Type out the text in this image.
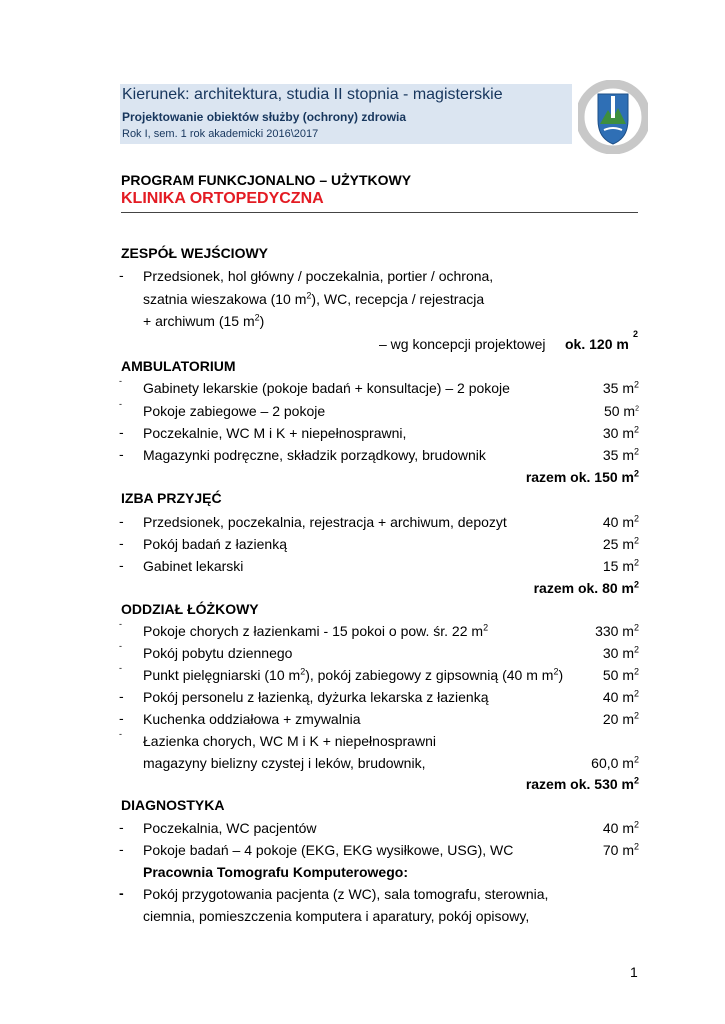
Kierunek: architektura, studia II stopnia - magisterskie
Projektowanie obiektów służby (ochrony) zdrowia
Rok I, sem. 1 rok akademicki 2016\2017
PROGRAM FUNKCJONALNO – UŻYTKOWY
KLINIKA ORTOPEDYCZNA
ZESPÓŁ WEJŚCIOWY
- Przedsionek, hol główny / poczekalnia, portier / ochrona,
szatnia wieszakowa (10 $m^2$), WC, recepcja / rejestracja
+ archiwum (15 $m^2$)
– wg koncepcji projektowej ok. 120 m
2
AMBULATORIUM
- Gabinety lekarskie (pokoje badań + konsultacje) – 2 pokoje	35 $m^2$
- Pokoje zabiegowe – 2 pokoje	50 $m^2$
- Poczekalnie, WC M i K + niepełnosprawni,	30 $m^2$
- Magazynki podręczne, składzik porządkowy, brudownik	35 $m^2$
razem ok. 150 $m^2$
IZBA PRZYJĘĆ
- Przedsionek, poczekalnia, rejestracja + archiwum, depozyt	40 $m^2$
- Pokój badań z łazienką	25 $m^2$
- Gabinet lekarski	15 $m^2$
razem ok. 80 $m^2$
ODDZIAŁ ŁÓŻKOWY
- Pokoje chorych z łazienkami - 15 pokoi o pow. śr. 22 $m^2$	330 $m^2$
- Pokój pobytu dziennego	30 $m^2$
- Punkt pielęgniarski (10 $m^2$), pokój zabiegowy z gipsownią (40 m $m^2$)	50 $m^2$
- Pokój personelu z łazienką, dyżurka lekarska z łazienką	40 $m^2$
- Kuchenka oddziałowa + zmywalnia	20 $m^2$
- Łazienka chorych, WC M i K + niepełnosprawni
magazyny bielizny czystej i leków, brudownik,	60,0 $m^2$
razem ok. 530 $m^2$
DIAGNOSTYKA
- Poczekalnia, WC pacjentów	40 $m^2$
- Pokoje badań – 4 pokoje (EKG, EKG wysiłkowe, USG), WC	70 $m^2$
Pracownia Tomografu Komputerowego:
- Pokój przygotowania pacjenta (z WC), sala tomografu, sterownia,
ciemnia, pomieszczenia komputera i aparatury, pokój opisowy,
1
